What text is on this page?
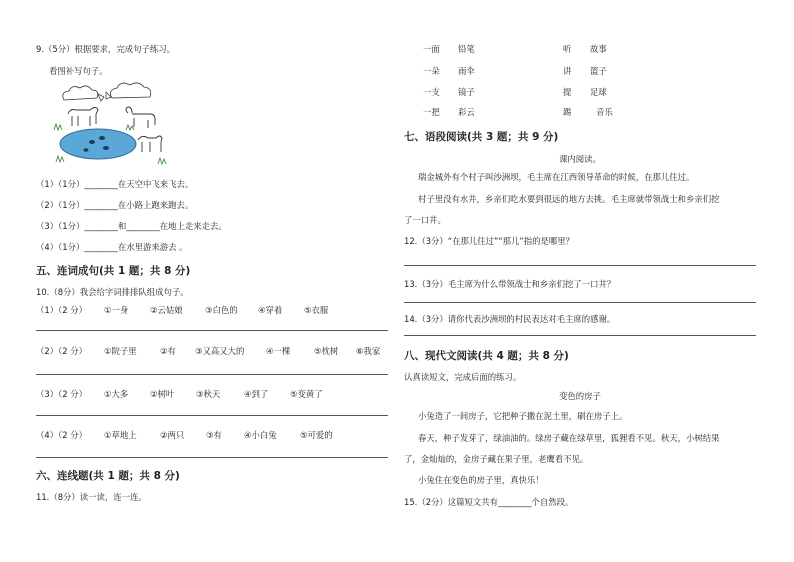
9.（5分）根据要求，完成句子练习。
看图补写句子。
（1）（1分）________在天空中飞来飞去。
（2）（1分）________在小路上跑来跑去。
（3）（1分）________和________在地上走来走去。
（4）（1分）________在水里游来游去 。
五、连词成句(共 1 题；共 8 分)
10.（8分）我会给字词排排队组成句子。
（1）（2 分） ①一身	②云姑娘	③白色的 ④穿着	⑤衣服
（2）（2 分） ①院子里	②有 ③又高又大的	④一棵	⑤枕树 ⑥我家
（3）（2 分） ①大多	②树叶	③秋天	④到了	⑤变黄了
（4）（2 分） ①草地上	②两只	③有	④小白兔	⑤可爱的
六、连线题(共 1 题；共 8 分)
11.（8分）读一读，连一连。
一面 铅笔	听 故事
一朵 雨伞	讲 篮子
一支 镜子	提 足球
一把 彩云	踢	音乐
七、语段阅读(共 3 题；共 9 分)
课内阅读。
瑞金城外有个村子叫沙洲坝，毛主席在江西领导革命的时候，在那儿住过。
村子里没有水井，乡亲们吃水要到很远的地方去挑。毛主席就带领战士和乡亲们挖
了一口井。
12.（3分）“在那儿住过”“那儿”指的是哪里？
13.（3分）毛主席为什么带领战士和乡亲们挖了一口井？
14.（3分）请你代表沙洲坝的村民表达对毛主席的感谢。
八、现代文阅读(共 4 题；共 8 分)
认真读短文，完成后面的练习。
变色的房子
小兔造了一间房子，它把种子撒在泥土里，刷在房子上。
春天，种子发芽了，绿油油的。绿房子藏在绿草里，狐狸看不见。秋天，小树结果
了，金灿灿的，金房子藏在果子里，老鹰看不见。
小兔住在变色的房子里，真快乐！
15.（2分）这篇短文共有________个自然段。
